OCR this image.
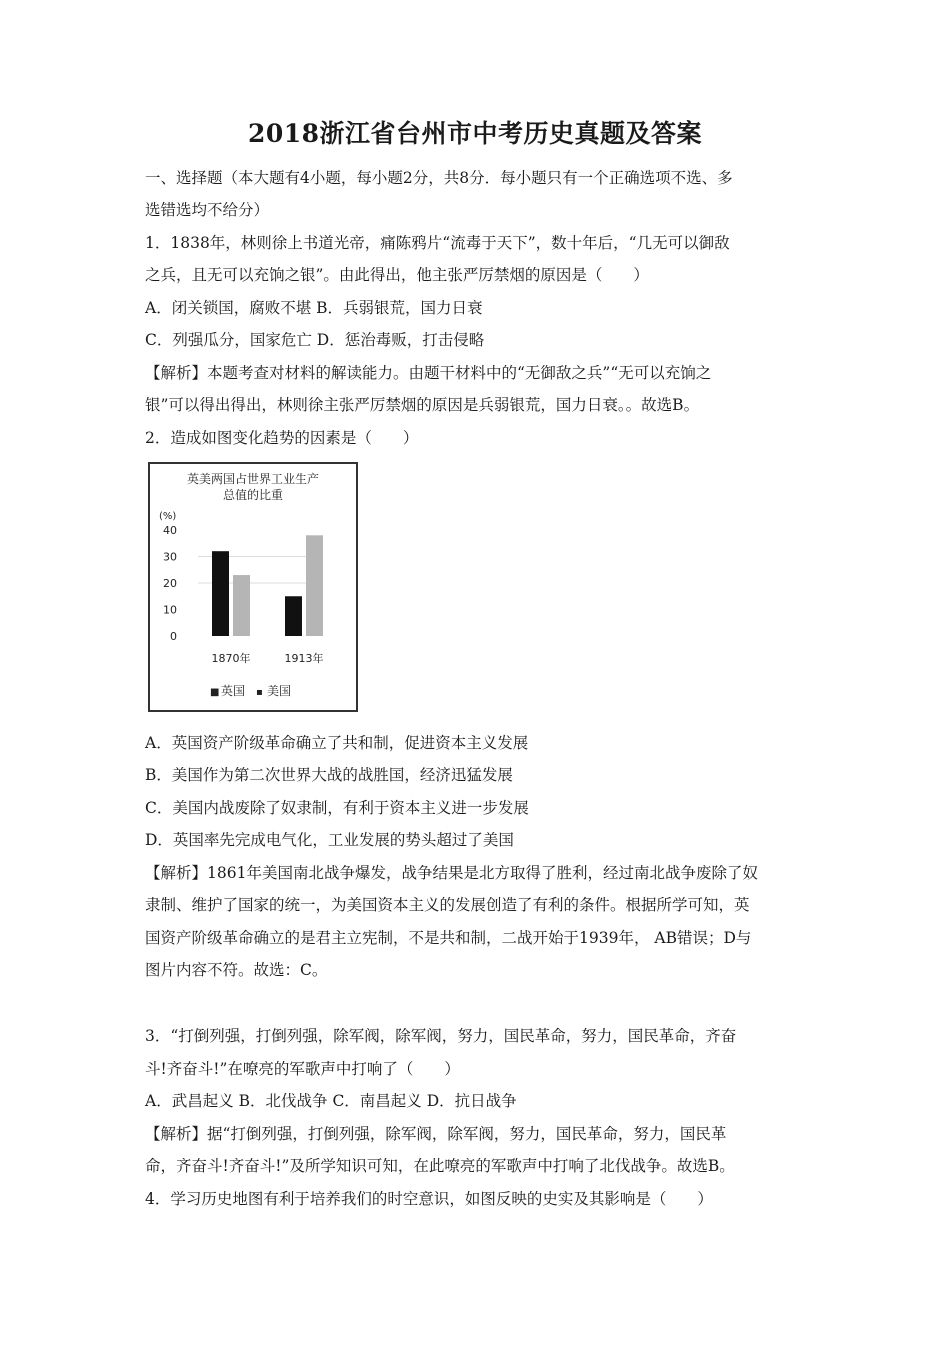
2018浙江省台州市中考历史真题及答案
一、选择题（本大题有4小题，每小题2分，共8分．每小题只有一个正确选项不选、多
选错选均不给分）
1．1838年，林则徐上书道光帝，痛陈鸦片“流毒于天下”，数十年后，“几无可以御敌
之兵，且无可以充饷之银”。由此得出，他主张严厉禁烟的原因是（　　）
A．闭关锁国，腐败不堪 B．兵弱银荒，国力日衰
C．列强瓜分，国家危亡 D．惩治毒贩，打击侵略
【解析】本题考查对材料的解读能力。由题干材料中的“无御敌之兵”“无可以充饷之
银”可以得出得出，林则徐主张严厉禁烟的原因是兵弱银荒，国力日衰。。故选B。
2．造成如图变化趋势的因素是（　　）
英美两国占世界工业生产
总值的比重
(%)
40
30
20
10
0
1870年	1913年
■ 英国 ▪ 美国
A．英国资产阶级革命确立了共和制，促进资本主义发展
B．美国作为第二次世界大战的战胜国，经济迅猛发展
C．美国内战废除了奴隶制，有利于资本主义进一步发展
D．英国率先完成电气化，工业发展的势头超过了美国
【解析】1861年美国南北战争爆发，战争结果是北方取得了胜利，经过南北战争废除了奴
隶制、维护了国家的统一，为美国资本主义的发展创造了有利的条件。根据所学可知，英
国资产阶级革命确立的是君主立宪制，不是共和制，二战开始于1939年， AB错误；D与
图片内容不符。故选：C。
3．“打倒列强，打倒列强，除军阀，除军阀，努力，国民革命，努力，国民革命，齐奋
斗!齐奋斗!”在嘹亮的军歌声中打响了（　　）
A．武昌起义 B．北伐战争 C．南昌起义 D．抗日战争
【解析】据“打倒列强，打倒列强，除军阀，除军阀，努力，国民革命，努力，国民革
命，齐奋斗!齐奋斗!”及所学知识可知，在此嘹亮的军歌声中打响了北伐战争。故选B。
4．学习历史地图有利于培养我们的时空意识，如图反映的史实及其影响是（　　）
